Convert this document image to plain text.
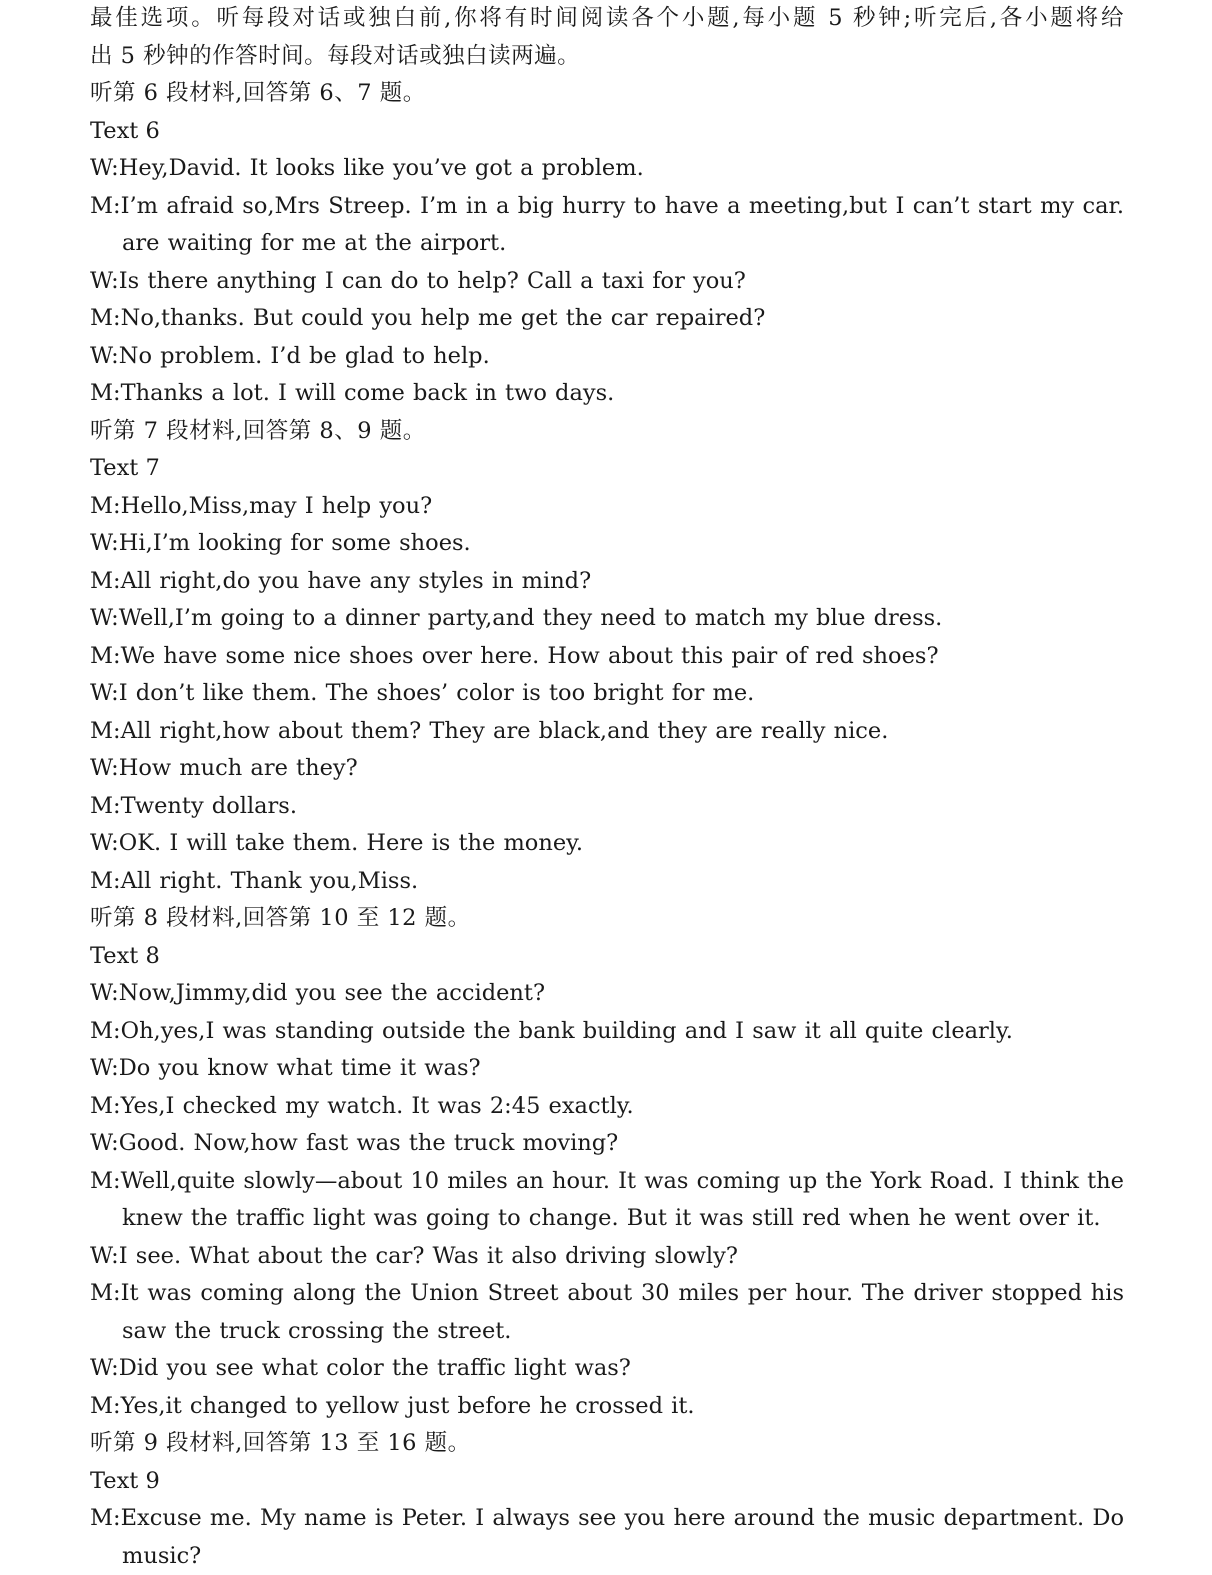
最佳选项。听每段对话或独白前,你将有时间阅读各个小题,每小题 5 秒钟;听完后,各小题将给
出 5 秒钟的作答时间。每段对话或独白读两遍。
听第 6 段材料,回答第 6、7 题。
Text 6
W:Hey,David. It looks like you’ve got a problem.
M:I’m afraid so,Mrs Streep. I’m in a big hurry to have a meeting,but I can’t start my car.
are waiting for me at the airport.
W:Is there anything I can do to help? Call a taxi for you?
M:No,thanks. But could you help me get the car repaired?
W:No problem. I’d be glad to help.
M:Thanks a lot. I will come back in two days.
听第 7 段材料,回答第 8、9 题。
Text 7
M:Hello,Miss,may I help you?
W:Hi,I’m looking for some shoes.
M:All right,do you have any styles in mind?
W:Well,I’m going to a dinner party,and they need to match my blue dress.
M:We have some nice shoes over here. How about this pair of red shoes?
W:I don’t like them. The shoes’ color is too bright for me.
M:All right,how about them? They are black,and they are really nice.
W:How much are they?
M:Twenty dollars.
W:OK. I will take them. Here is the money.
M:All right. Thank you,Miss.
听第 8 段材料,回答第 10 至 12 题。
Text 8
W:Now,Jimmy,did you see the accident?
M:Oh,yes,I was standing outside the bank building and I saw it all quite clearly.
W:Do you know what time it was?
M:Yes,I checked my watch. It was 2:45 exactly.
W:Good. Now,how fast was the truck moving?
M:Well,quite slowly—about 10 miles an hour. It was coming up the York Road. I think the
knew the traffic light was going to change. But it was still red when he went over it.
W:I see. What about the car? Was it also driving slowly?
M:It was coming along the Union Street about 30 miles per hour. The driver stopped his
saw the truck crossing the street.
W:Did you see what color the traffic light was?
M:Yes,it changed to yellow just before he crossed it.
听第 9 段材料,回答第 13 至 16 题。
Text 9
M:Excuse me. My name is Peter. I always see you here around the music department. Do
music?
